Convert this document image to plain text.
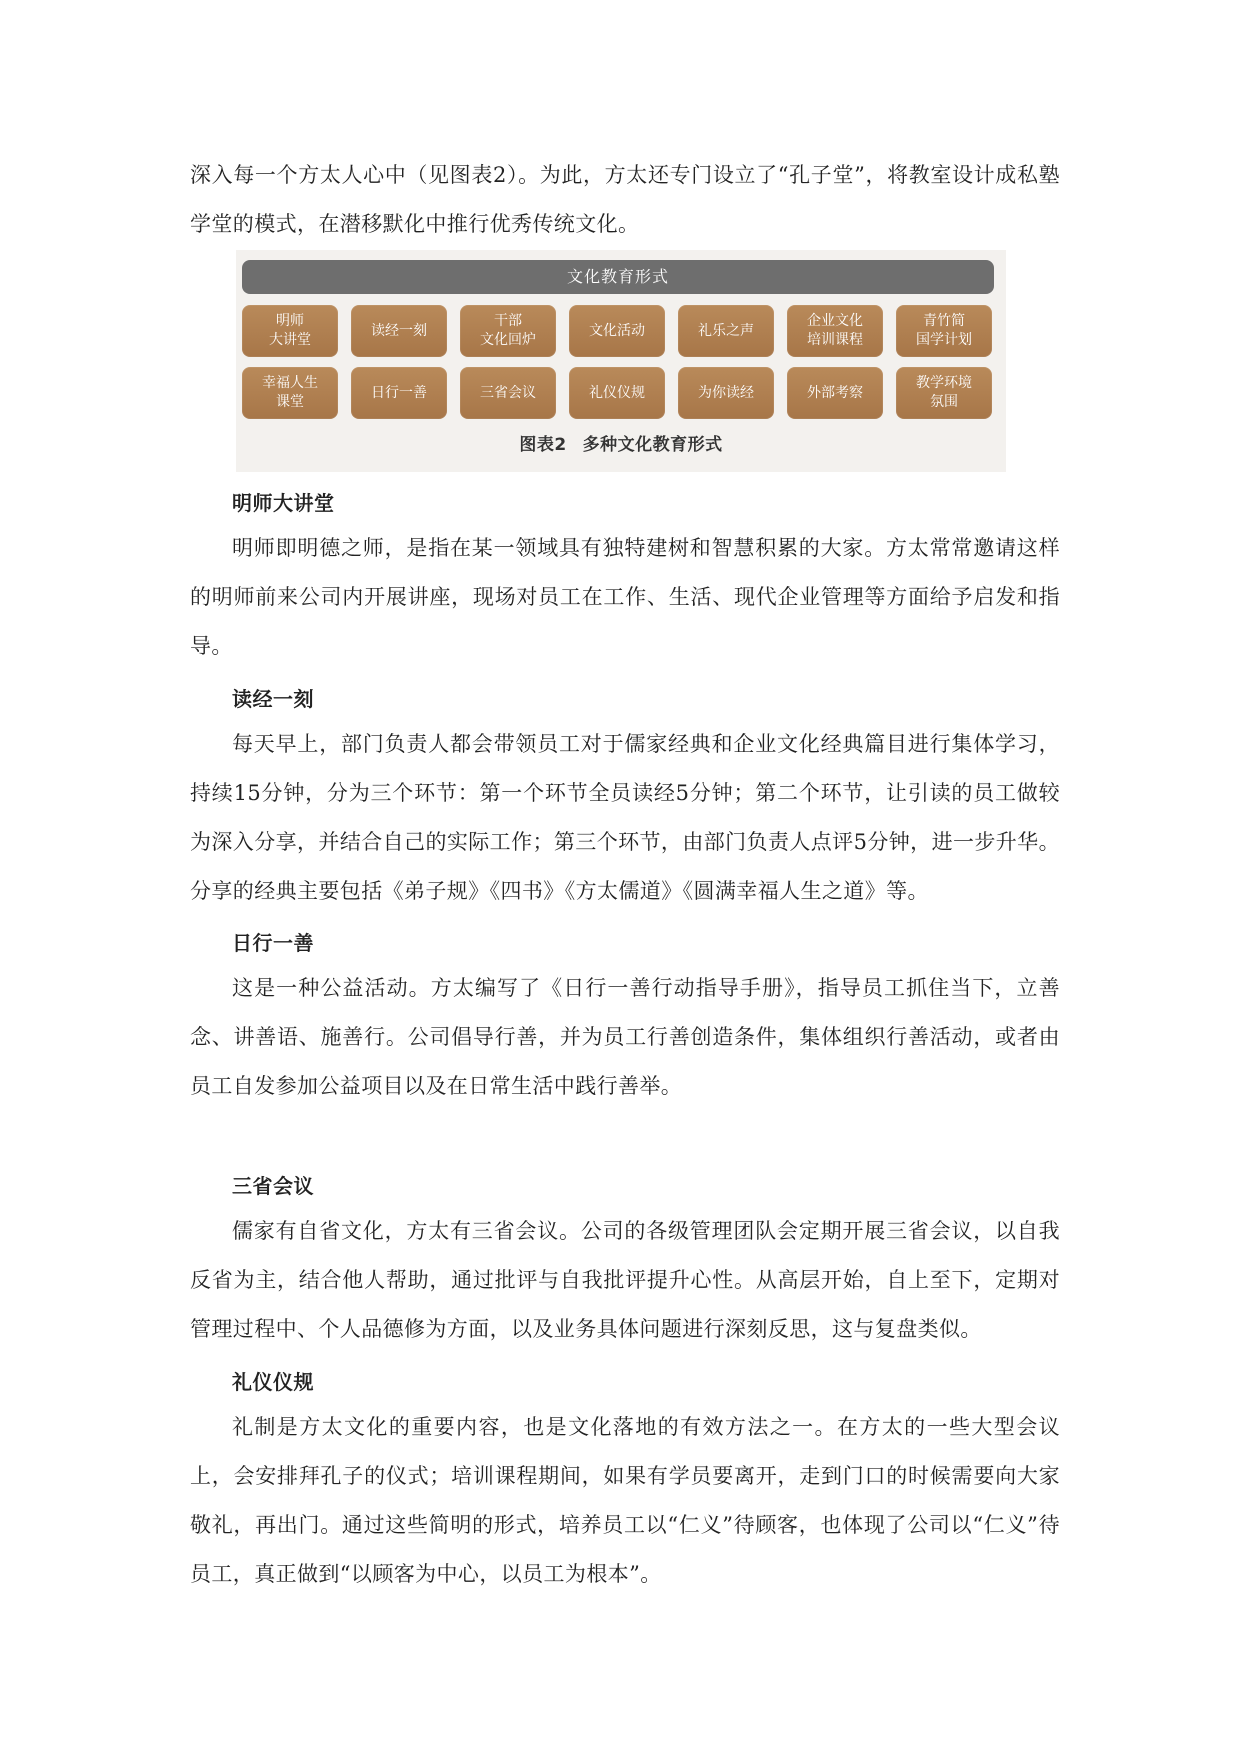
深入每一个方太人心中（见图表2）。为此，方太还专门设立了“孔子堂”，将教室设计成私塾学堂的模式，在潜移默化中推行优秀传统文化。

文化教育形式
明师
大讲堂
读经一刻
干部
文化回炉
文化活动	礼乐之声
企业文化
培训课程
青竹简
国学计划
幸福人生
课堂
日行一善	三省会议	礼仪仪规	为你读经	外部考察
教学环境
氛围
图表2 多种文化教育形式
明师大讲堂

明师即明德之师，是指在某一领域具有独特建树和智慧积累的大家。方太常常邀请这样的明师前来公司内开展讲座，现场对员工在工作、生活、现代企业管理等方面给予启发和指导。

读经一刻

每天早上，部门负责人都会带领员工对于儒家经典和企业文化经典篇目进行集体学习，持续15分钟，分为三个环节：第一个环节全员读经5分钟；第二个环节，让引读的员工做较为深入分享，并结合自己的实际工作；第三个环节，由部门负责人点评5分钟，进一步升华。分享的经典主要包括《弟子规》《四书》《方太儒道》《圆满幸福人生之道》等。

日行一善

这是一种公益活动。方太编写了《日行一善行动指导手册》，指导员工抓住当下，立善念、讲善语、施善行。公司倡导行善，并为员工行善创造条件，集体组织行善活动，或者由员工自发参加公益项目以及在日常生活中践行善举。

三省会议

儒家有自省文化，方太有三省会议。公司的各级管理团队会定期开展三省会议，以自我反省为主，结合他人帮助，通过批评与自我批评提升心性。从高层开始，自上至下，定期对管理过程中、个人品德修为方面，以及业务具体问题进行深刻反思，这与复盘类似。

礼仪仪规

礼制是方太文化的重要内容，也是文化落地的有效方法之一。在方太的一些大型会议上，会安排拜孔子的仪式；培训课程期间，如果有学员要离开，走到门口的时候需要向大家敬礼，再出门。通过这些简明的形式，培养员工以“仁义”待顾客，也体现了公司以“仁义”待员工，真正做到“以顾客为中心，以员工为根本”。
